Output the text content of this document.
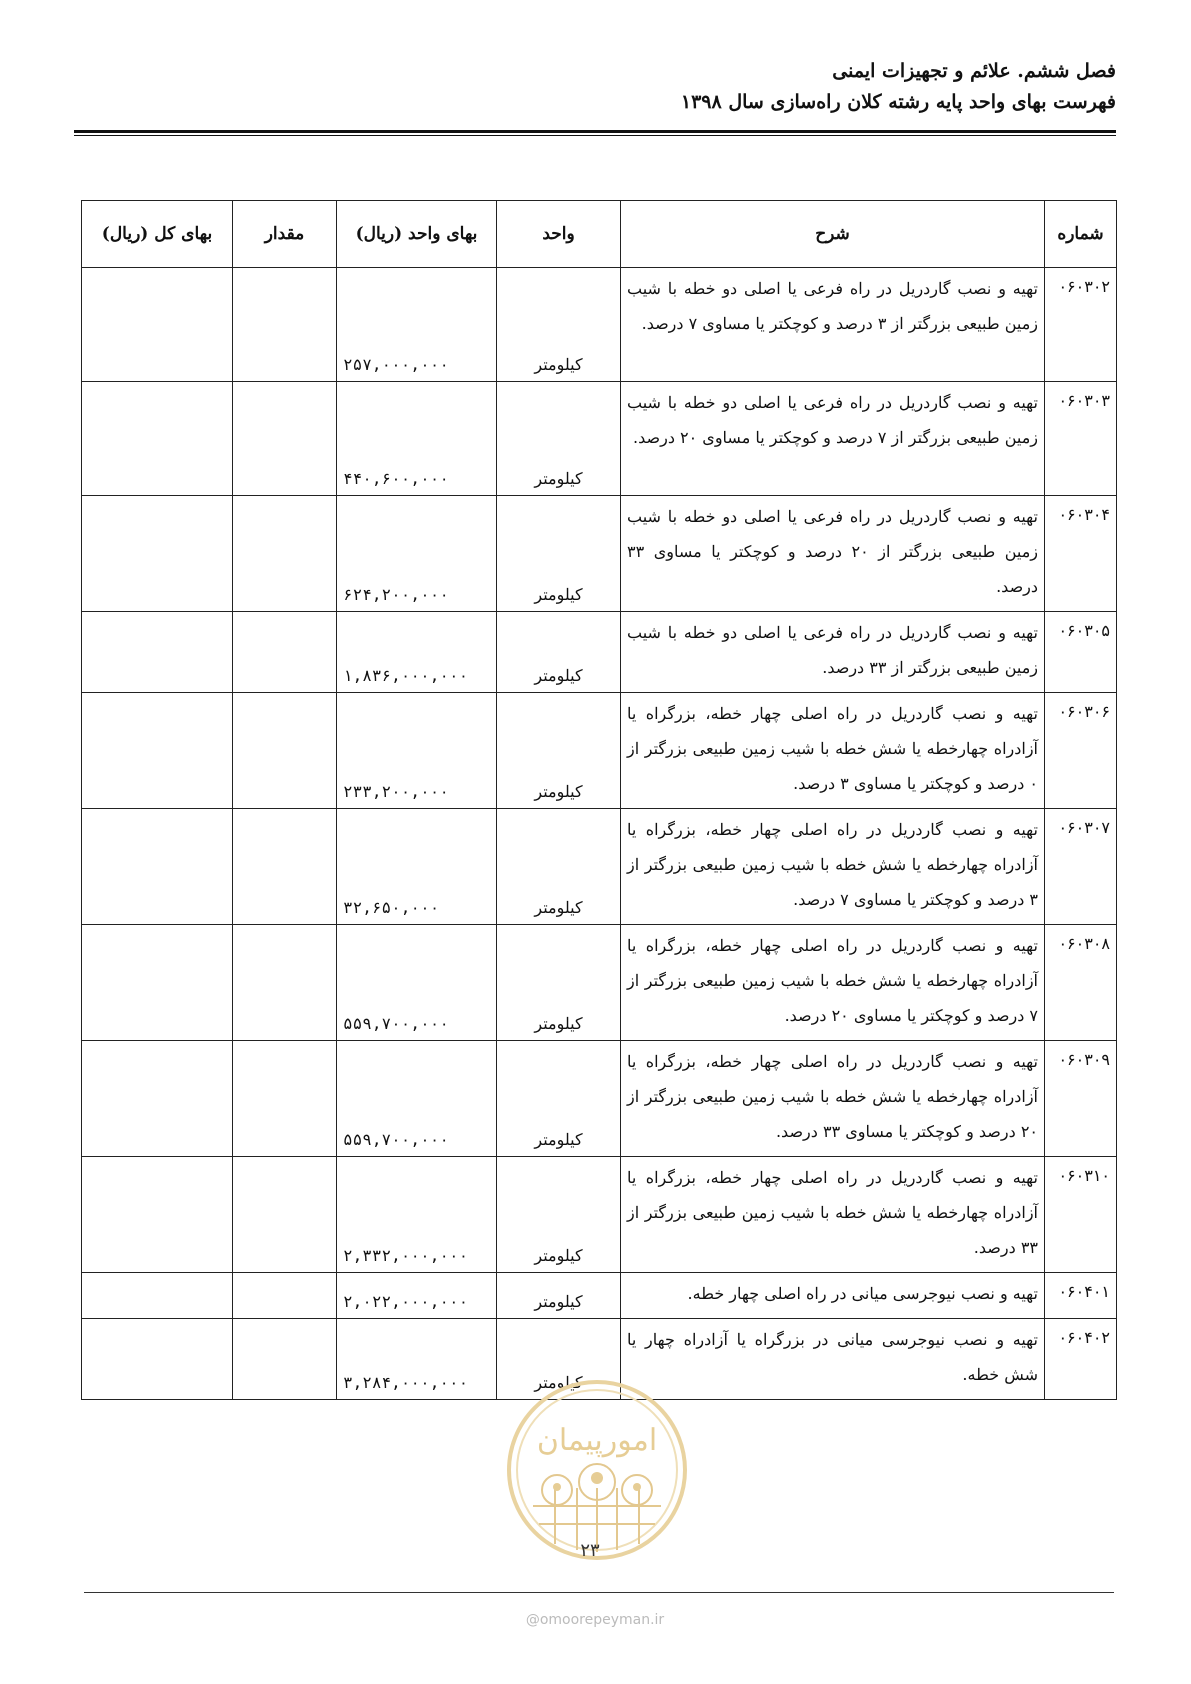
فصل ششم. علائم و تجهیزات ایمنی
فهرست بهای واحد پایه رشته کلان راه‌سازی سال ۱۳۹۸
شماره	شرح	واحد	بهای واحد (ریال)	مقدار	بهای کل (ریال)
۰۶۰۳۰۲	تهیه و نصب گاردریل در راه فرعی یا اصلی دو خطه با شیب زمین طبیعی بزرگتر از ۳ درصد و کوچکتر یا مساوی ۷ درصد.	کیلومتر	۲۵۷,۰۰۰,۰۰۰		
۰۶۰۳۰۳	تهیه و نصب گاردریل در راه فرعی یا اصلی دو خطه با شیب زمین طبیعی بزرگتر از ۷ درصد و کوچکتر یا مساوی ۲۰ درصد.	کیلومتر	۴۴۰,۶۰۰,۰۰۰		
۰۶۰۳۰۴	تهیه و نصب گاردریل در راه فرعی یا اصلی دو خطه با شیب زمین طبیعی بزرگتر از ۲۰ درصد و کوچکتر یا مساوی ۳۳ درصد.	کیلومتر	۶۲۴,۲۰۰,۰۰۰		
۰۶۰۳۰۵	تهیه و نصب گاردریل در راه فرعی یا اصلی دو خطه با شیب زمین طبیعی بزرگتر از ۳۳ درصد.	کیلومتر	۱,۸۳۶,۰۰۰,۰۰۰		
۰۶۰۳۰۶	تهیه و نصب گاردریل در راه اصلی چهار خطه، بزرگراه یا آزادراه چهارخطه یا شش خطه با شیب زمین طبیعی بزرگتر از ۰ درصد و کوچکتر یا مساوی ۳ درصد.	کیلومتر	۲۳۳,۲۰۰,۰۰۰		
۰۶۰۳۰۷	تهیه و نصب گاردریل در راه اصلی چهار خطه، بزرگراه یا آزادراه چهارخطه یا شش خطه با شیب زمین طبیعی بزرگتر از ۳ درصد و کوچکتر یا مساوی ۷ درصد.	کیلومتر	۳۲,۶۵۰,۰۰۰		
۰۶۰۳۰۸	تهیه و نصب گاردریل در راه اصلی چهار خطه، بزرگراه یا آزادراه چهارخطه یا شش خطه با شیب زمین طبیعی بزرگتر از ۷ درصد و کوچکتر یا مساوی ۲۰ درصد.	کیلومتر	۵۵۹,۷۰۰,۰۰۰		
۰۶۰۳۰۹	تهیه و نصب گاردریل در راه اصلی چهار خطه، بزرگراه یا آزادراه چهارخطه یا شش خطه با شیب زمین طبیعی بزرگتر از ۲۰ درصد و کوچکتر یا مساوی ۳۳ درصد.	کیلومتر	۵۵۹,۷۰۰,۰۰۰		
۰۶۰۳۱۰	تهیه و نصب گاردریل در راه اصلی چهار خطه، بزرگراه یا آزادراه چهارخطه یا شش خطه با شیب زمین طبیعی بزرگتر از ۳۳ درصد.	کیلومتر	۲,۳۳۲,۰۰۰,۰۰۰		
۰۶۰۴۰۱	تهیه و نصب نیوجرسی میانی در راه اصلی چهار خطه.	کیلومتر	۲,۰۲۲,۰۰۰,۰۰۰		
۰۶۰۴۰۲	تهیه و نصب نیوجرسی میانی در بزرگراه یا آزادراه چهار یا شش خطه.	کیلومتر	۳,۲۸۴,۰۰۰,۰۰۰		
امورپیمان
۲۳
@omoorepeyman.ir
